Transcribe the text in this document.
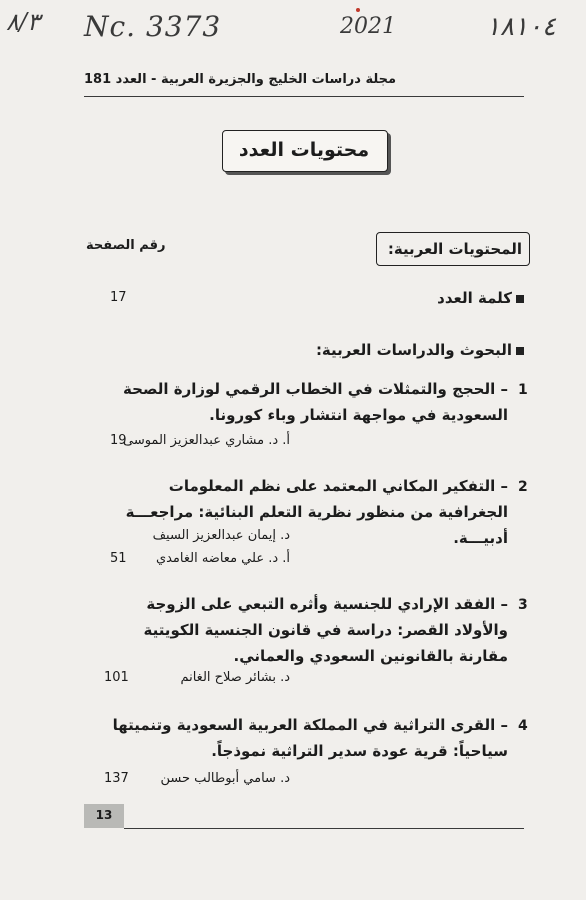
٨/٣ Nc. 3373	2021	١٨١٠٤
مجلة دراسات الخليج والجزيرة العربية - العدد 181
محتويات العدد
المحتويات العربية:
رقم الصفحة
كلمة العدد
17
البحوث والدراسات العربية:
1
– الحجج والتمثلات في الخطاب الرقمي لوزارة الصحة السعودية في مواجهة انتشار وباء كورونا.
أ. د. مشاري عبدالعزيز الموسى
19
2
– التفكير المكاني المعتمد على نظم المعلومات الجغرافية من منظور نظرية التعلم البنائية: مراجعـــة أدبيـــة.
د. إيمان عبدالعزيز السيف
أ. د. علي معاضه الغامدي
51
3
– الفقد الإرادي للجنسية وأثره التبعي على الزوجة والأولاد القصر: دراسة في قانون الجنسية الكويتية مقارنة بالقانونين السعودي والعماني.
د. بشائر صلاح الغانم
101
4
– القرى التراثية في المملكة العربية السعودية وتنميتها سياحياً: قرية عودة سدير التراثية نموذجاً.
د. سامي أبوطالب حسن
137
13
